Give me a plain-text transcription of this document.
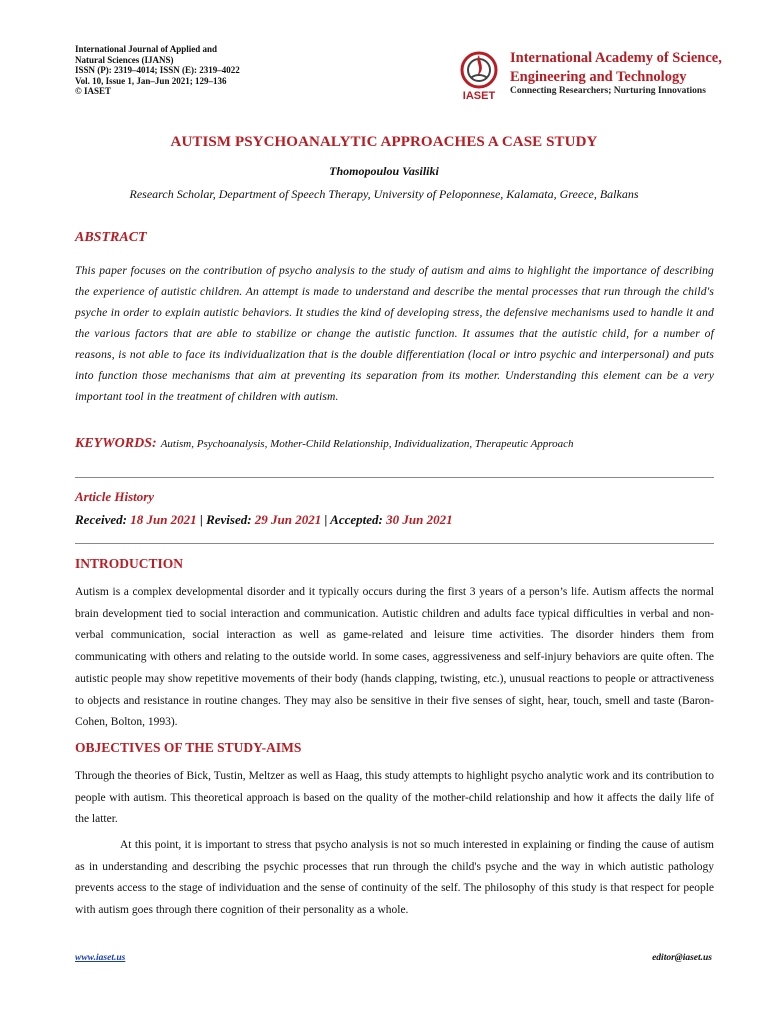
International Journal of Applied and
Natural Sciences (IJANS)
ISSN (P): 2319–4014; ISSN (E): 2319–4022
Vol. 10, Issue 1, Jan–Jun 2021; 129–136
© IASET	IASET
International Academy of Science,
Engineering and Technology
Connecting Researchers; Nurturing Innovations
AUTISM PSYCHOANALYTIC APPROACHES A CASE STUDY
Thomopoulou Vasiliki
Research Scholar, Department of Speech Therapy, University of Peloponnese, Kalamata, Greece, Balkans
ABSTRACT
This paper focuses on the contribution of psycho analysis to the study of autism and aims to highlight the importance of describing the experience of autistic children. An attempt is made to understand and describe the mental processes that run through the child's psyche in order to explain autistic behaviors. It studies the kind of developing stress, the defensive mechanisms used to handle it and the various factors that are able to stabilize or change the autistic function. It assumes that the autistic child, for a number of reasons, is not able to face its individualization that is the double differentiation (local or intro psychic and interpersonal) and puts into function those mechanisms that aim at preventing its separation from its mother. Understanding this element can be a very important tool in the treatment of children with autism.
KEYWORDS: Autism, Psychoanalysis, Mother-Child Relationship, Individualization, Therapeutic Approach
Article History
Received: 18 Jun 2021 | Revised: 29 Jun 2021 | Accepted: 30 Jun 2021
INTRODUCTION
Autism is a complex developmental disorder and it typically occurs during the first 3 years of a person’s life. Autism affects the normal brain development tied to social interaction and communication. Autistic children and adults face typical difficulties in verbal and non-verbal communication, social interaction as well as game-related and leisure time activities. The disorder hinders them from communicating with others and relating to the outside world. In some cases, aggressiveness and self-injury behaviors are quite often. The autistic people may show repetitive movements of their body (hands clapping, twisting, etc.), unusual reactions to people or attractiveness to objects and resistance in routine changes. They may also be sensitive in their five senses of sight, hear, touch, smell and taste (Baron-Cohen, Bolton, 1993).
OBJECTIVES OF THE STUDY-AIMS
Through the theories of Bick, Tustin, Meltzer as well as Haag, this study attempts to highlight psycho analytic work and its contribution to people with autism. This theoretical approach is based on the quality of the mother-child relationship and how it affects the daily life of the latter.
At this point, it is important to stress that psycho analysis is not so much interested in explaining or finding the cause of autism as in understanding and describing the psychic processes that run through the child's psyche and the way in which autistic pathology prevents access to the stage of individuation and the sense of continuity of the self. The philosophy of this study is that respect for people with autism goes through there cognition of their personality as a whole.
www.iaset.us	editor@iaset.us
